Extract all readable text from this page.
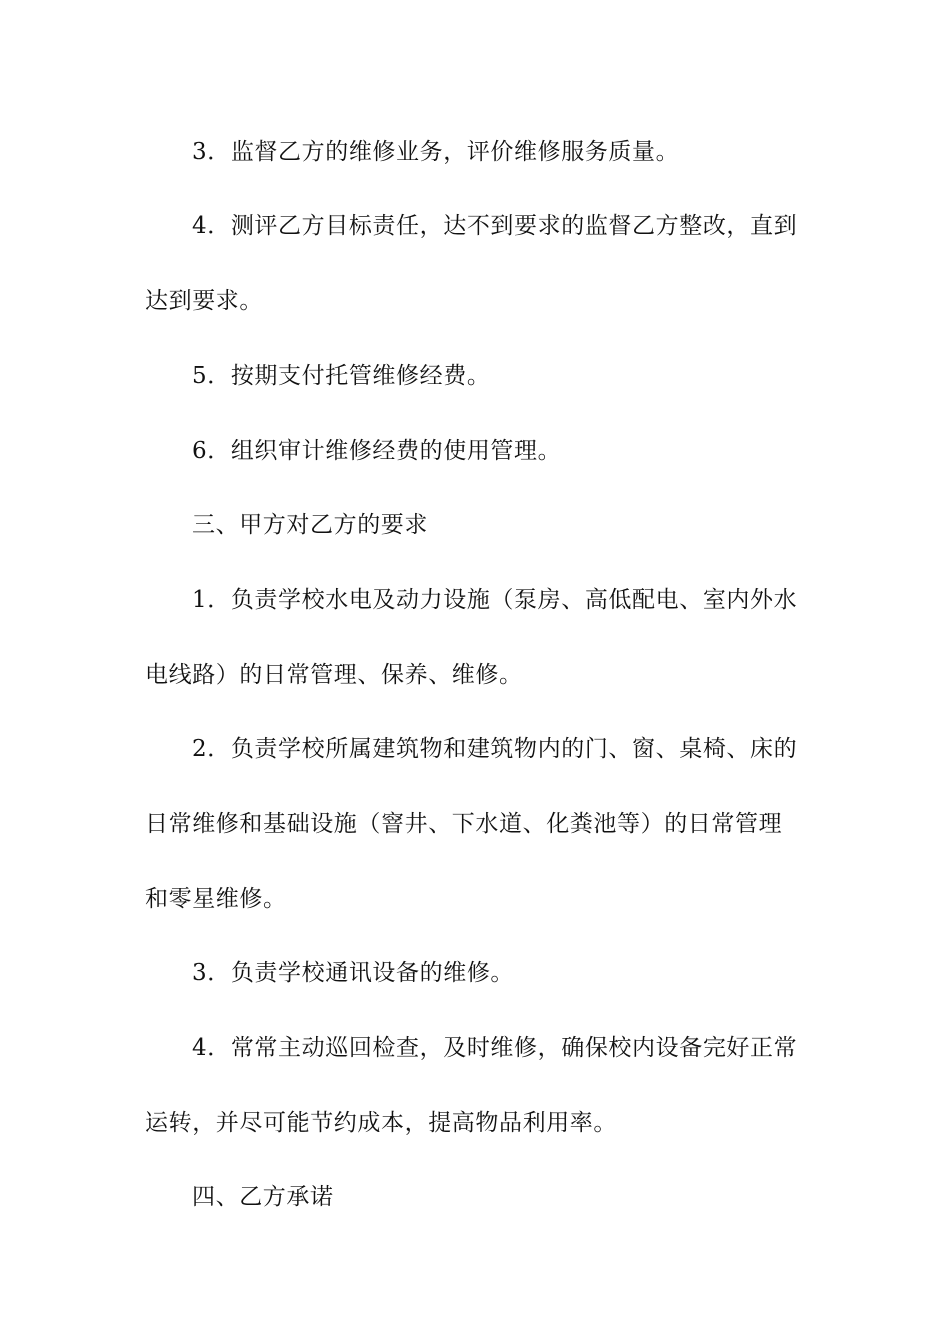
3．监督乙方的维修业务，评价维修服务质量。

4．测评乙方目标责任，达不到要求的监督乙方整改，直到

达到要求。

5．按期支付托管维修经费。

6．组织审计维修经费的使用管理。

三、甲方对乙方的要求

1．负责学校水电及动力设施（泵房、高低配电、室内外水

电线路）的日常管理、保养、维修。

2．负责学校所属建筑物和建筑物内的门、窗、桌椅、床的

日常维修和基础设施（窨井、下水道、化粪池等）的日常管理

和零星维修。

3．负责学校通讯设备的维修。

4．常常主动巡回检查，及时维修，确保校内设备完好正常

运转，并尽可能节约成本，提高物品利用率。

四、乙方承诺
